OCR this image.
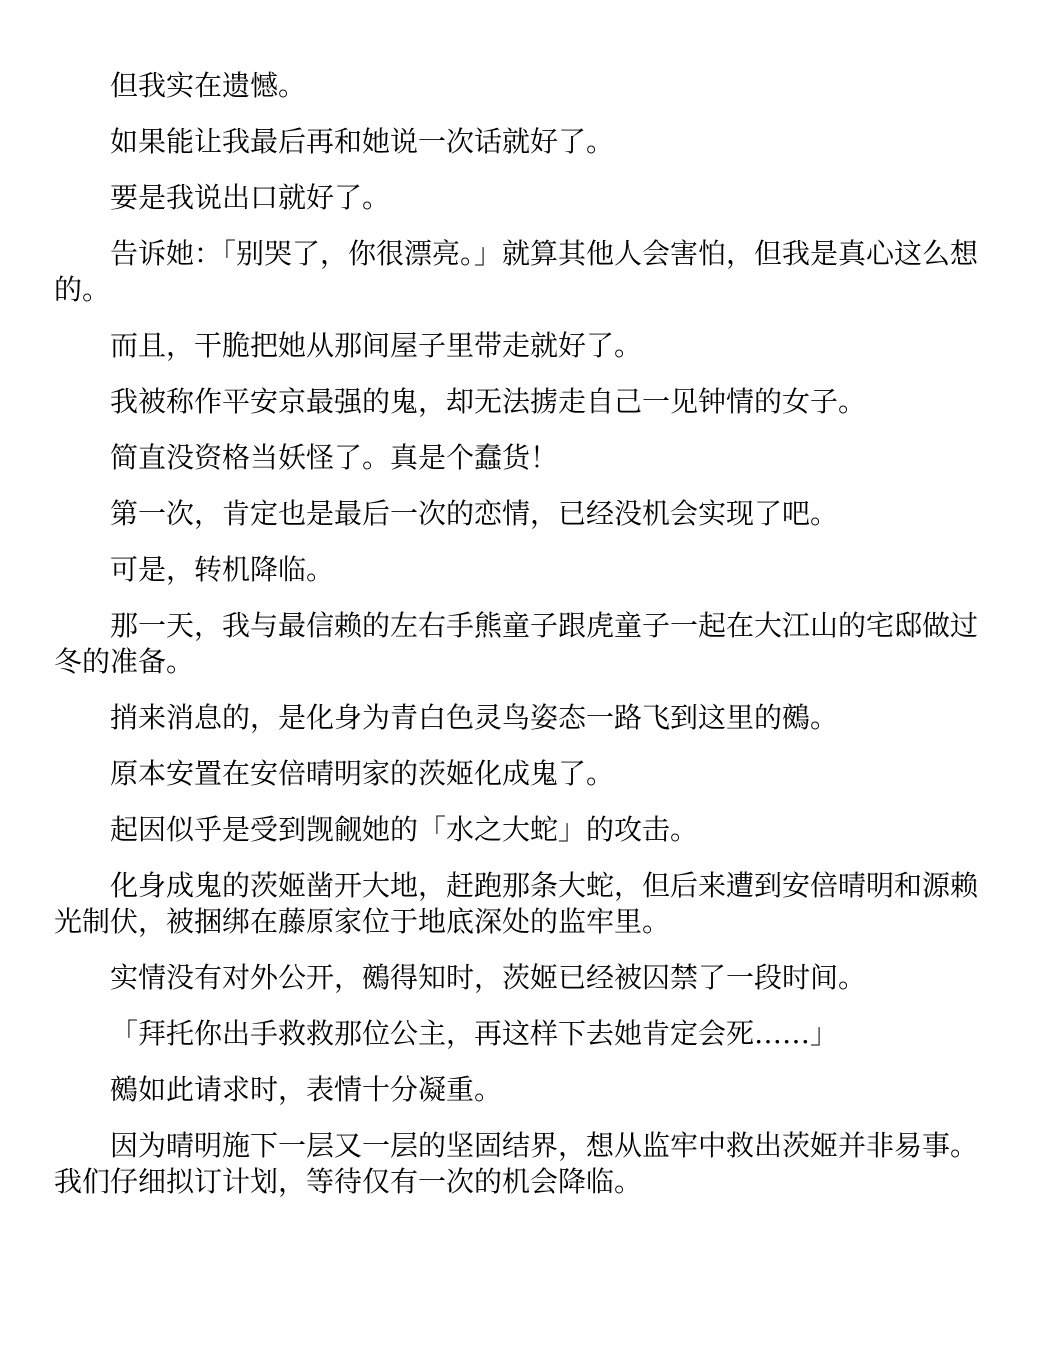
但我实在遗憾。

如果能让我最后再和她说一次话就好了。

要是我说出口就好了。

告诉她：「别哭了，你很漂亮。」就算其他人会害怕，但我是真心这么想的。

而且，干脆把她从那间屋子里带走就好了。

我被称作平安京最强的鬼，却无法掳走自己一见钟情的女子。

简直没资格当妖怪了。真是个蠢货！

第一次，肯定也是最后一次的恋情，已经没机会实现了吧。

可是，转机降临。

那一天，我与最信赖的左右手熊童子跟虎童子一起在大江山的宅邸做过冬的准备。

捎来消息的，是化身为青白色灵鸟姿态一路飞到这里的鵺。

原本安置在安倍晴明家的茨姬化成鬼了。

起因似乎是受到觊觎她的「水之大蛇」的攻击。

化身成鬼的茨姬凿开大地，赶跑那条大蛇，但后来遭到安倍晴明和源赖光制伏，被捆绑在藤原家位于地底深处的监牢里。

实情没有对外公开，鵺得知时，茨姬已经被囚禁了一段时间。

「拜托你出手救救那位公主，再这样下去她肯定会死……」

鵺如此请求时，表情十分凝重。

因为晴明施下一层又一层的坚固结界，想从监牢中救出茨姬并非易事。我们仔细拟订计划，等待仅有一次的机会降临。
